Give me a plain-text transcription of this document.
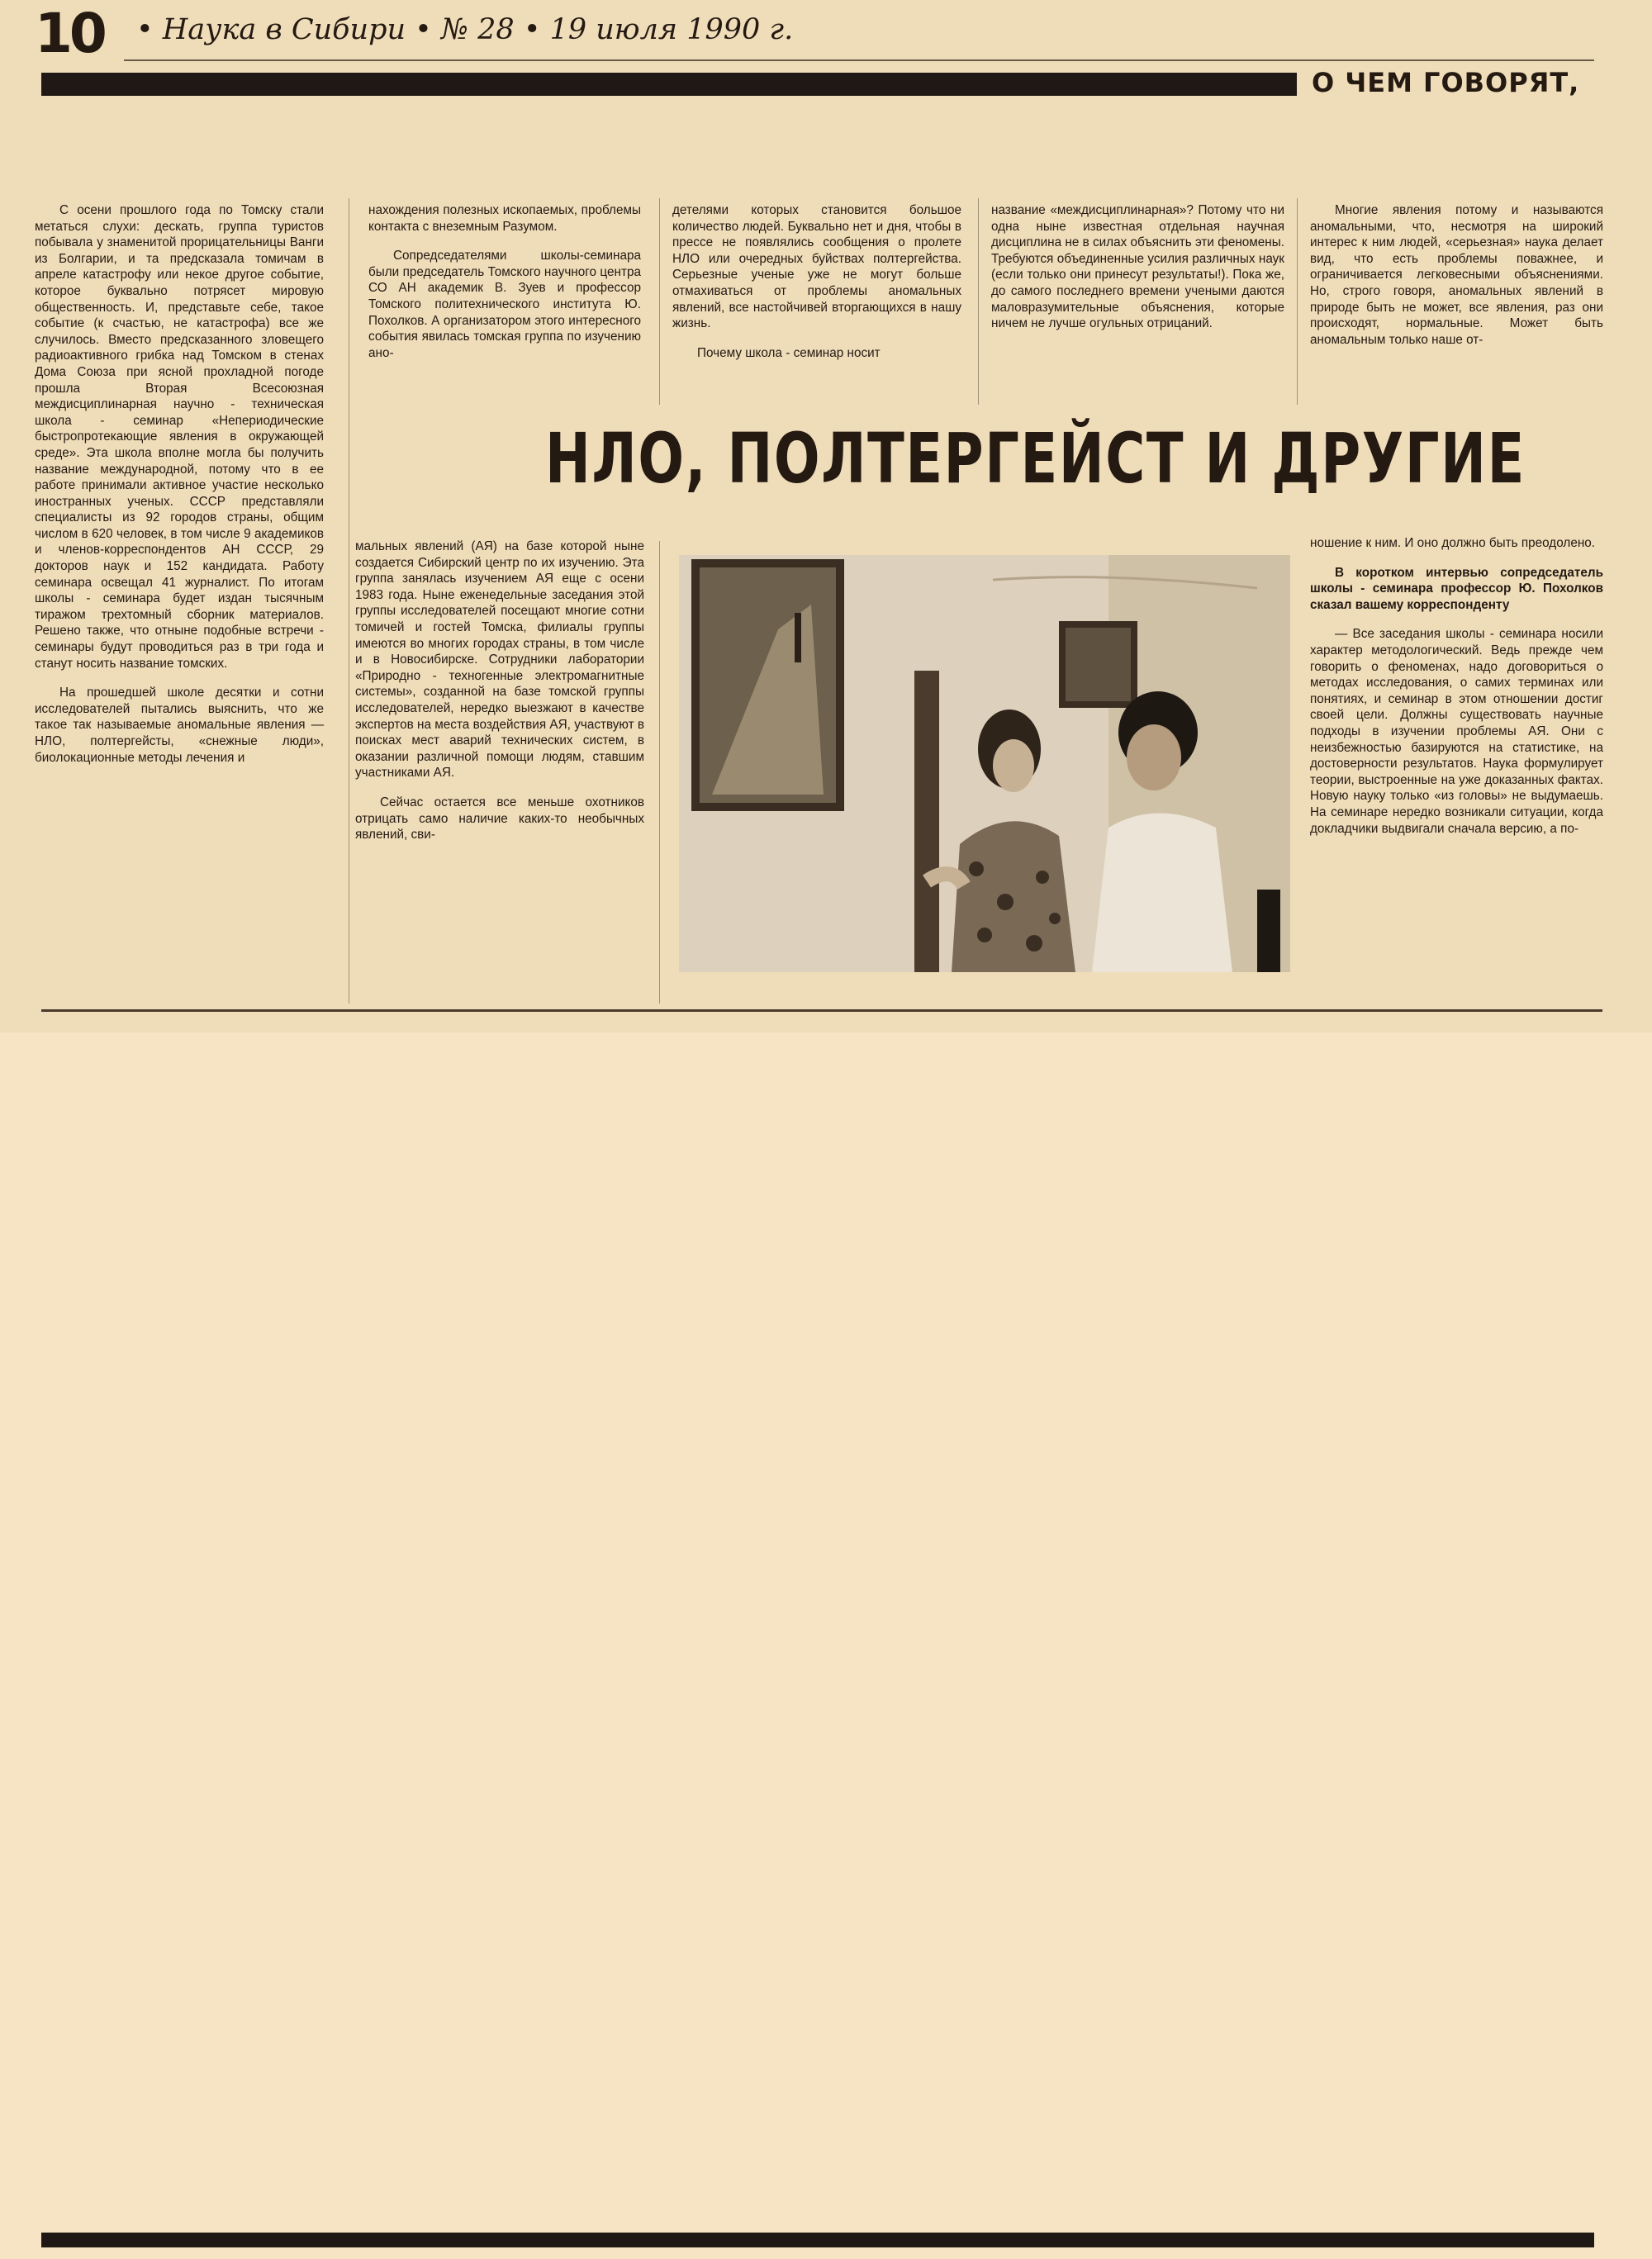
10 • Наука в Сибири • № 28 • 19 июля 1990 г.
О ЧЕМ ГОВОРЯТ,

С осени прошлого года по Томску стали метаться слухи: дескать, группа туристов побывала у знаменитой прорицательницы Ванги из Болгарии, и та предсказала томичам в апреле катастрофу или некое другое событие, которое буквально потрясет мировую общественность. И, представьте себе, такое событие (к счастью, не катастрофа) все же случилось. Вместо предсказанного зловещего радиоактивного грибка над Томском в стенах Дома Союза при ясной прохладной погоде прошла Вторая Всесоюзная междисциплинарная научно - техническая школа - семинар «Непериодические быстропротекающие явления в окружающей среде». Эта школа вполне могла бы получить название международной, потому что в ее работе принимали активное участие несколько иностранных ученых. СССР представляли специалисты из 92 городов страны, общим числом в 620 человек, в том числе 9 академиков и членов-корреспондентов АН СССР, 29 докторов наук и 152 кандидата. Работу семинара освещал 41 журналист. По итогам школы - семинара будет издан тысячным тиражом трехтомный сборник материалов. Решено также, что отныне подобные встречи - семинары будут проводиться раз в три года и станут носить название томских.

На прошедшей школе десятки и сотни исследователей пытались выяснить, что же такое так называемые аномальные явления — НЛО, полтергейсты, «снежные люди», биолокационные методы лечения и

нахождения полезных ископаемых, проблемы контакта с внеземным Разумом.

Сопредседателями школы-семинара были председатель Томского научного центра СО АН академик В. Зуев и профессор Томского политехнического института Ю. Похолков. А организатором этого интересного события явилась томская группа по изучению ано-

детелями которых становится большое количество людей. Буквально нет и дня, чтобы в прессе не появлялись сообщения о пролете НЛО или очередных буйствах полтергейства. Серьезные ученые уже не могут больше отмахиваться от проблемы аномальных явлений, все настойчивей вторгающихся в нашу жизнь.

Почему школа - семинар носит

название «междисциплинарная»? Потому что ни одна ныне известная отдельная научная дисциплина не в силах объяснить эти феномены. Требуются объединенные усилия различных наук (если только они принесут результаты!). Пока же, до самого последнего времени учеными даются маловразумительные объяснения, которые ничем не лучше огульных отрицаний.

Многие явления потому и называются аномальными, что, несмотря на широкий интерес к ним людей, «серьезная» наука делает вид, что есть проблемы поважнее, и ограничивается легковесными объяснениями. Но, строго говоря, аномальных явлений в природе быть не может, все явления, раз они происходят, нормальные. Может быть аномальным только наше от-

НЛО, ПОЛТЕРГЕЙСТ И ДРУГИЕ

мальных явлений (АЯ) на базе которой ныне создается Сибирский центр по их изучению. Эта группа занялась изучением АЯ еще с осени 1983 года. Ныне еженедельные заседания этой группы исследователей посещают многие сотни томичей и гостей Томска, филиалы группы имеются во многих городах страны, в том числе и в Новосибирске. Сотрудники лаборатории «Природно - техногенные электромагнитные системы», созданной на базе томской группы исследователей, нередко выезжают в качестве экспертов на места воздействия АЯ, участвуют в поисках мест аварий технических систем, в оказании различной помощи людям, ставшим участниками АЯ.

Сейчас остается все меньше охотников отрицать само наличие каких-то необычных явлений, сви-

ношение к ним. И оно должно быть преодолено.

В коротком интервью сопредседатель школы - семинара профессор Ю. Похолков сказал вашему корреспонденту

— Все заседания школы - семинара носили характер методологический. Ведь прежде чем говорить о феноменах, надо договориться о методах исследования, о самих терминах или понятиях, и семинар в этом отношении достиг своей цели. Должны существовать научные подходы в изучении проблемы АЯ. Они с неизбежностью базируются на статистике, на достоверности результатов. Наука формулирует теории, выстроенные на уже доказанных фактах. Новую науку только «из головы» не выдумаешь. На семинаре нередко возникали ситуации, когда докладчики выдвигали сначала версию, а по-
